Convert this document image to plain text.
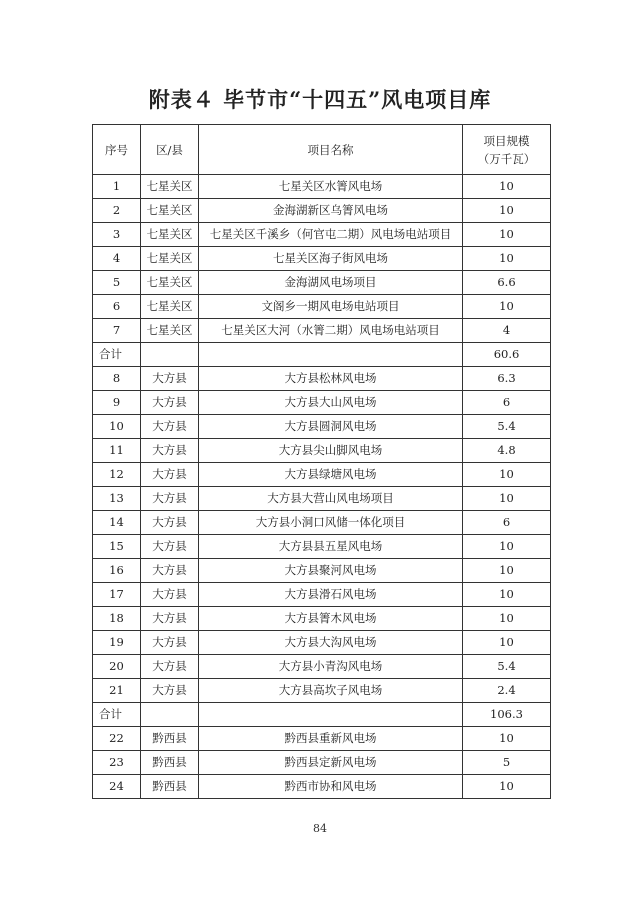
附表４ 毕节市“十四五”风电项目库
序号	区/县	项目名称	项目规模
（万千瓦）

1	七星关区	七星关区水箐风电场	10
2	七星关区	金海湖新区乌箐风电场	10
3	七星关区	七星关区千溪乡（何官屯二期）风电场电站项目	10
4	七星关区	七星关区海子街风电场	10
5	七星关区	金海湖风电场项目	6.6
6	七星关区	文阁乡一期风电场电站项目	10
7	七星关区	七星关区大河（水箐二期）风电场电站项目	4
合计			60.6
8	大方县	大方县松林风电场	6.3
9	大方县	大方县大山风电场	6
10	大方县	大方县圆洞风电场	5.4
11	大方县	大方县尖山脚风电场	4.8
12	大方县	大方县绿塘风电场	10
13	大方县	大方县大营山风电场项目	10
14	大方县	大方县小洞口风储一体化项目	6
15	大方县	大方县县五星风电场	10
16	大方县	大方县聚河风电场	10
17	大方县	大方县滑石风电场	10
18	大方县	大方县箐木风电场	10
19	大方县	大方县大沟风电场	10
20	大方县	大方县小青沟风电场	5.4
21	大方县	大方县高坎子风电场	2.4
合计			106.3
22	黔西县	黔西县重新风电场	10
23	黔西县	黔西县定新风电场	5
24	黔西县	黔西市协和风电场	10
84
